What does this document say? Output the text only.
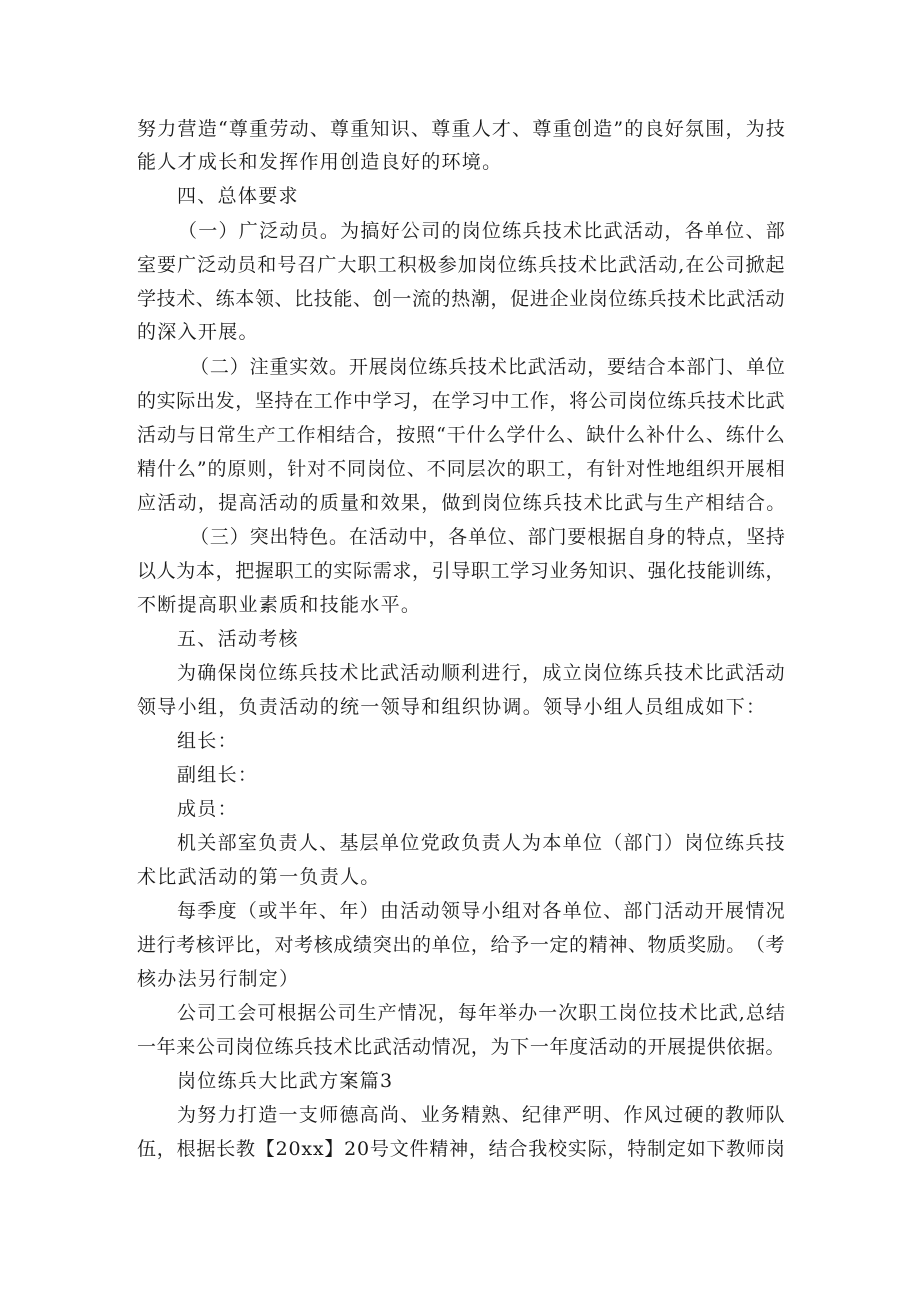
努 力 营 造 “ 尊 重 劳 动 、 尊 重 知 识 、 尊 重 人 才 、 尊 重 创 造 ” 的 良 好 氛 围 ， 为 技
能人才成长和发挥作用创造良好的环境。
四、总体要求
（ 一 ） 广 泛 动 员 。 为 搞 好 公 司 的 岗 位 练 兵 技 术 比 武 活 动 ， 各 单 位 、 部
室 要 广 泛 动 员 和 号 召 广 大 职 工 积 极 参 加 岗 位 练 兵 技 术 比 武 活 动 , 在 公 司 掀 起
学 技 术 、 练 本 领 、 比 技 能 、 创 一 流 的 热 潮 ， 促 进 企 业 岗 位 练 兵 技 术 比 武 活 动
的深入开展。
（ 二 ） 注 重 实 效 。 开 展 岗 位 练 兵 技 术 比 武 活 动 ， 要 结 合 本 部 门 、 单 位
的 实 际 出 发 ， 坚 持 在 工 作 中 学 习 ， 在 学 习 中 工 作 ， 将 公 司 岗 位 练 兵 技 术 比 武
活 动 与 日 常 生 产 工 作 相 结 合 ， 按 照 “ 干 什 么 学 什 么 、 缺 什 么 补 什 么 、 练 什 么
精 什 么 ” 的 原 则 ， 针 对 不 同 岗 位 、 不 同 层 次 的 职 工 ， 有 针 对 性 地 组 织 开 展 相
应活动，提高活动的质量和效果，做到岗位练兵技术比武与生产相结合。
（ 三 ） 突 出 特 色 。 在 活 动 中 ， 各 单 位 、 部 门 要 根 据 自 身 的 特 点 ， 坚 持
以 人 为 本 ， 把 握 职 工 的 实 际 需 求 ， 引 导 职 工 学 习 业 务 知 识 、 强 化 技 能 训 练 ，
不断提高职业素质和技能水平。
五、活动考核
为 确 保 岗 位 练 兵 技 术 比 武 活 动 顺 利 进 行 ， 成 立 岗 位 练 兵 技 术 比 武 活 动
领导小组，负责活动的统一领导和组织协调。领导小组人员组成如下：
组长：
副组长：
成员：
机 关 部 室 负 责 人 、 基 层 单 位 党 政 负 责 人 为 本 单 位 （ 部 门 ） 岗 位 练 兵 技
术比武活动的第一负责人。
每 季 度 （ 或 半 年 、 年 ） 由 活 动 领 导 小 组 对 各 单 位 、 部 门 活 动 开 展 情 况
进 行 考 核 评 比 ， 对 考 核 成 绩 突 出 的 单 位 ， 给 予 一 定 的 精 神 、 物 质 奖 励 。 （ 考
核办法另行制定）
公 司 工 会 可 根 据 公 司 生 产 情 况 ， 每 年 举 办 一 次 职 工 岗 位 技 术 比 武 , 总 结
一 年 来 公 司 岗 位 练 兵 技 术 比 武 活 动 情 况 ， 为 下 一 年 度 活 动 的 开 展 提 供 依 据 。
岗位练兵大比武方案篇3
为 努 力 打 造 一 支 师 德 高 尚 、 业 务 精 熟 、 纪 律 严 明 、 作 风 过 硬 的 教 师 队
伍 ， 根 据 长 教 【 2 0 x x 】 2 0 号 文 件 精 神 ， 结 合 我 校 实 际 ， 特 制 定 如 下 教 师 岗
